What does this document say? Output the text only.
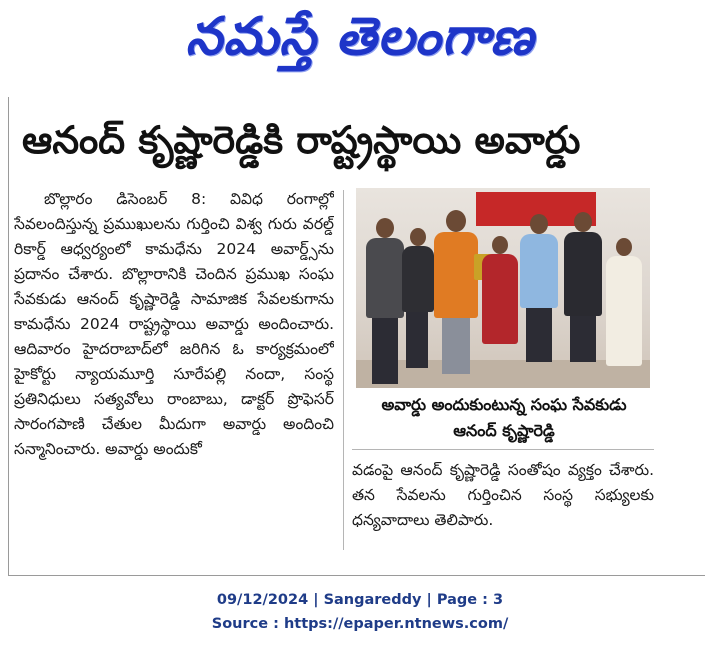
నమస్తే తెలంగాణ
ఆనంద్ కృష్ణారెడ్డికి రాష్ట్రస్థాయి అవార్డు

బొల్లారం డిసెంబర్ 8: వివిధ రంగాల్లో సేవలందిస్తున్న ప్రముఖులను గుర్తించి విశ్వ గురు వరల్డ్ రికార్డ్ ఆధ్వర్యంలో కామధేను 2024 అవార్డ్స్‌ను ప్రదానం చేశారు. బొల్లారానికి చెందిన ప్రముఖ సంఘ సేవకుడు ఆనంద్ కృష్ణారెడ్డి సామాజిక సేవలకుగాను కామధేను 2024 రాష్ట్రస్థాయి అవార్డు అందించారు. ఆదివారం హైదరాబాద్‌లో జరిగిన ఓ కార్యక్రమంలో హైకోర్టు న్యాయమూర్తి సూరేపల్లి నందా, సంస్థ ప్రతినిధులు సత్యవోలు రాంబాబు, డాక్టర్ ప్రొఫెసర్ సారంగపాణి చేతుల మీదుగా అవార్డు అందించి సన్మానించారు. అవార్డు అందుకో

అవార్డు అందుకుంటున్న సంఘ సేవకుడు
ఆనంద్ కృష్ణారెడ్డి

వడంపై ఆనంద్ కృష్ణారెడ్డి సంతోషం వ్యక్తం చేశారు. తన సేవలను గుర్తించిన సంస్థ సభ్యులకు ధన్యవాదాలు తెలిపారు.

09/12/2024 | Sangareddy | Page : 3
Source : https://epaper.ntnews.com/
